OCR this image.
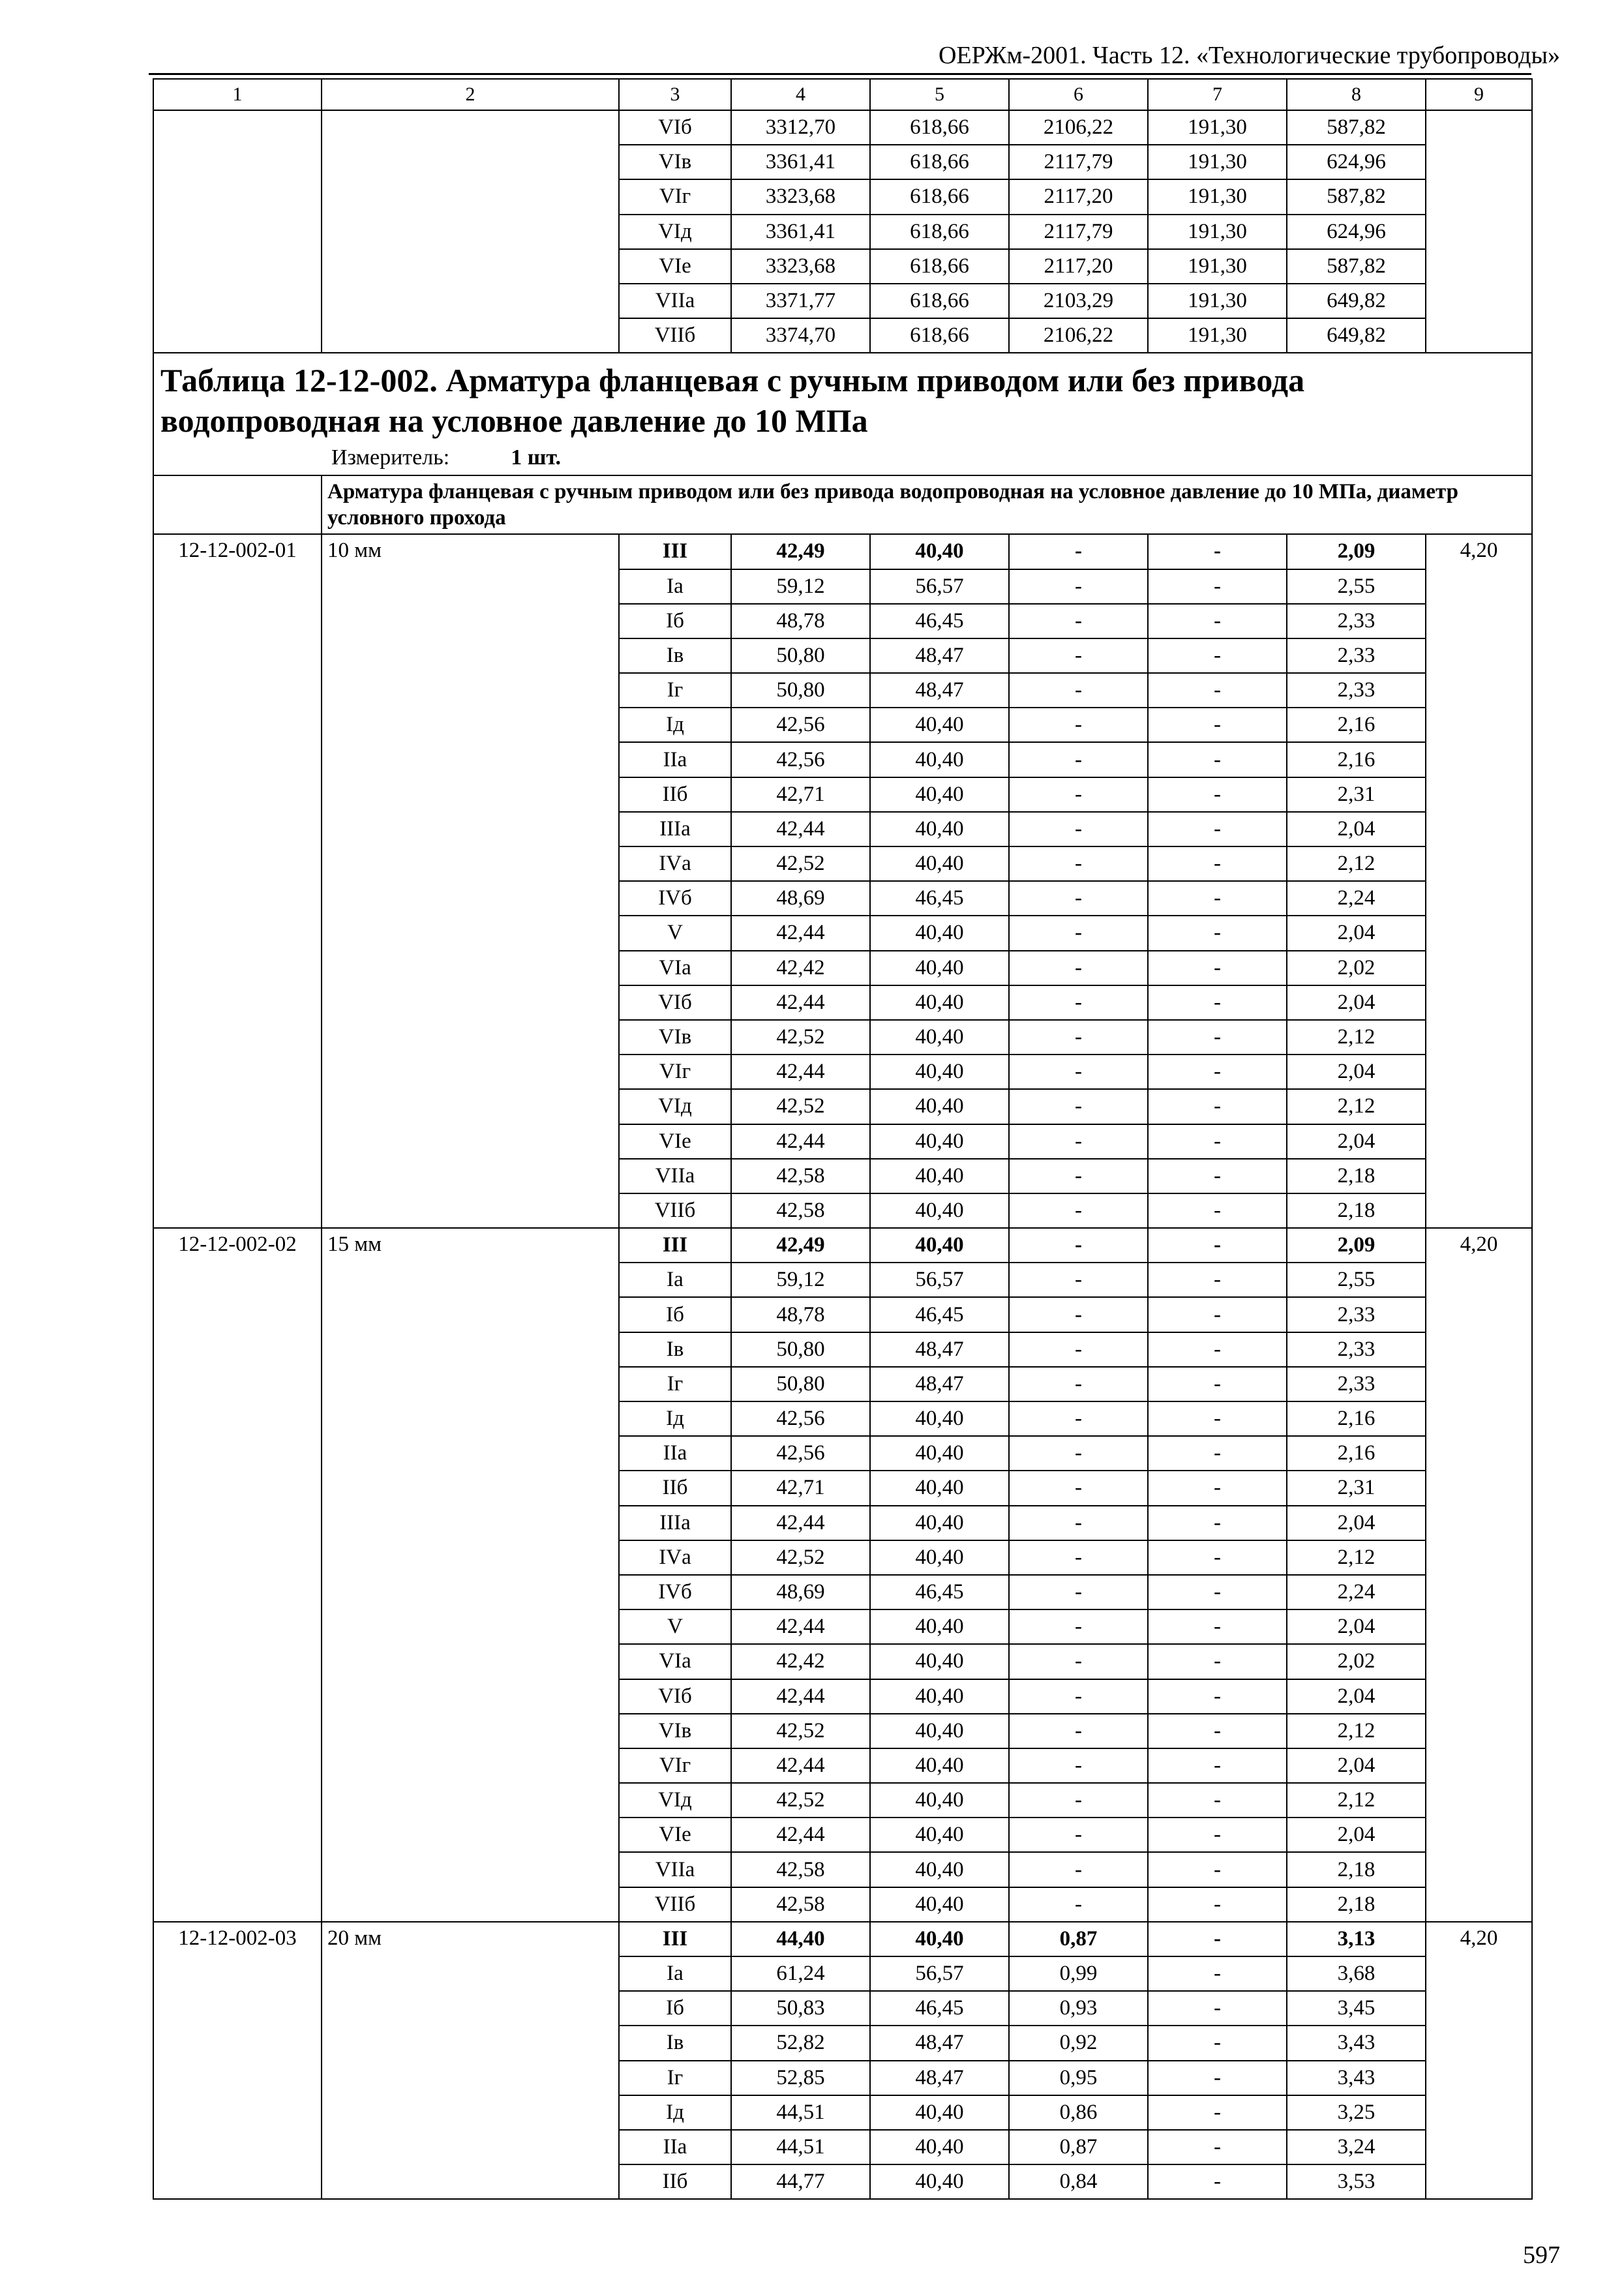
ОЕРЖм-2001. Часть 12. «Технологические трубопроводы»
1	2	3	4	5	6	7	8	9
		VIб	3312,70	618,66	2106,22	191,30	587,82	
		VIв	3361,41	618,66	2117,79	191,30	624,96	
		VIг	3323,68	618,66	2117,20	191,30	587,82	
		VIд	3361,41	618,66	2117,79	191,30	624,96	
		VIе	3323,68	618,66	2117,20	191,30	587,82	
		VIIа	3371,77	618,66	2103,29	191,30	649,82	
		VIIб	3374,70	618,66	2106,22	191,30	649,82	

Таблица 12-12-002. Арматура фланцевая с ручным приводом или без привода водопроводная на условное давление до 10 МПа
Измеритель: 1 шт.								

	Арматура фланцевая с ручным приводом или без привода водопроводная на условное давление до 10 МПа, диаметр условного прохода							
12-12-002-01	10 мм	III	42,49	40,40	-	-	2,09	4,20
		Iа	59,12	56,57	-	-	2,55	
		Iб	48,78	46,45	-	-	2,33	
		Iв	50,80	48,47	-	-	2,33	
		Iг	50,80	48,47	-	-	2,33	
		Iд	42,56	40,40	-	-	2,16	
		IIа	42,56	40,40	-	-	2,16	
		IIб	42,71	40,40	-	-	2,31	
		IIIа	42,44	40,40	-	-	2,04	
		IVа	42,52	40,40	-	-	2,12	
		IVб	48,69	46,45	-	-	2,24	
		V	42,44	40,40	-	-	2,04	
		VIа	42,42	40,40	-	-	2,02	
		VIб	42,44	40,40	-	-	2,04	
		VIв	42,52	40,40	-	-	2,12	
		VIг	42,44	40,40	-	-	2,04	
		VIд	42,52	40,40	-	-	2,12	
		VIе	42,44	40,40	-	-	2,04	
		VIIа	42,58	40,40	-	-	2,18	
		VIIб	42,58	40,40	-	-	2,18	
12-12-002-02	15 мм	III	42,49	40,40	-	-	2,09	4,20
		Iа	59,12	56,57	-	-	2,55	
		Iб	48,78	46,45	-	-	2,33	
		Iв	50,80	48,47	-	-	2,33	
		Iг	50,80	48,47	-	-	2,33	
		Iд	42,56	40,40	-	-	2,16	
		IIа	42,56	40,40	-	-	2,16	
		IIб	42,71	40,40	-	-	2,31	
		IIIа	42,44	40,40	-	-	2,04	
		IVа	42,52	40,40	-	-	2,12	
		IVб	48,69	46,45	-	-	2,24	
		V	42,44	40,40	-	-	2,04	
		VIа	42,42	40,40	-	-	2,02	
		VIб	42,44	40,40	-	-	2,04	
		VIв	42,52	40,40	-	-	2,12	
		VIг	42,44	40,40	-	-	2,04	
		VIд	42,52	40,40	-	-	2,12	
		VIе	42,44	40,40	-	-	2,04	
		VIIа	42,58	40,40	-	-	2,18	
		VIIб	42,58	40,40	-	-	2,18	
12-12-002-03	20 мм	III	44,40	40,40	0,87	-	3,13	4,20
		Iа	61,24	56,57	0,99	-	3,68	
		Iб	50,83	46,45	0,93	-	3,45	
		Iв	52,82	48,47	0,92	-	3,43	
		Iг	52,85	48,47	0,95	-	3,43	
		Iд	44,51	40,40	0,86	-	3,25	
		IIа	44,51	40,40	0,87	-	3,24	
		IIб	44,77	40,40	0,84	-	3,53	
597
